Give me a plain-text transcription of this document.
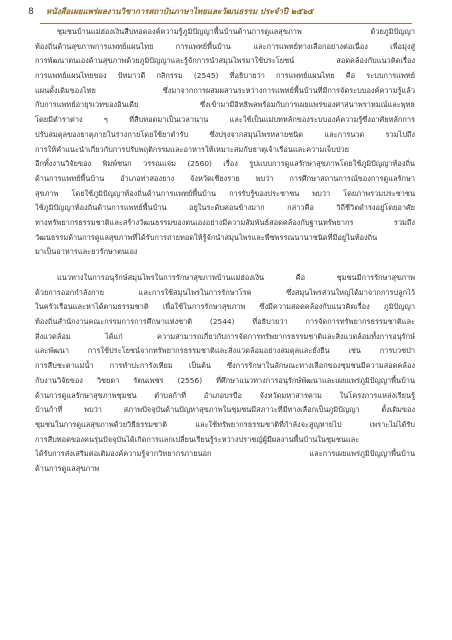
8	หนังสือเผยแพร่ผลงานวิชาการสถาบันภาษาไทยและวัฒนธรรม ประจำปี ๒๕๖๕
ชุมชนบ้านแม่ฮ่องเงินสืบทอดองค์ความรู้ภูมิปัญญาพื้นบ้านด้านการดูแลสุขภาพ ด้วยภูมิปัญญา
ท้องถิ่นด้านสุขภาพการแพทย์แผนไทย การแพทย์พื้นบ้าน และการแพทย์ทางเลือกอย่างต่อเนื่อง เพื่อมุ่งสู่
การพัฒนาตนเองด้านสุขภาพด้วยภูมิปัญญาและรู้จักการนำสมุนไพรมาใช้ประโยชน์ สอดคล้องกับแนวคิดเรื่อง
การแพทย์แผนไทยของ ปัทมาวดี กสิกรรม (2545) ที่อธิบายว่า การแพทย์แผนไทย คือ ระบบการแพทย์
แผนดั้งเดิมของไทย ซึ่งมาจากการผสมผสานระหว่างการแพทย์พื้นบ้านที่มีการจัดระบบองค์ความรู้แล้ว
กับการแพทย์อายุรเวทของอินเดีย ซึ่งเข้ามามีอิทธิพลพร้อมกับการเผยแพร่ของศาสนาพราหมณ์และพุทธ
โดยมีตำราต่าง ๆ ที่สืบทอดมาเป็นเวลานาน และใช้เป็นแม่บทหลักของระบบองค์ความรู้ซึ่งอาศัยหลักการ
ปรับสมดุลของธาตุภายในร่างกายโดยใช้ยาตำรับ ซึ่งปรุงจากสมุนไพรหลายชนิด และการนวด รวมไปถึง
การให้คำแนะนำเกี่ยวกับการปรับพฤติกรรมและอาหารให้เหมาะสมกับธาตุเจ้าเรือนและความเจ็บป่วย
อีกทั้งงานวิจัยของ พิมพ์ชนก วรรณแจ่ม (2560) เรื่อง รูปแบบการดูแลรักษาสุขภาพโดยใช้ภูมิปัญญาท้องถิ่น
ด้านการแพทย์พื้นบ้าน อำเภอท่าสองยาง จังหวัดเชียงราย พบว่า การศึกษาสถานการณ์ของการดูแลรักษา
สุขภาพ โดยใช้ภูมิปัญญาท้องถิ่นด้านการแพทย์พื้นบ้าน การรับรู้ของประชาชน พบว่า โดยภาพรวมประชาชน
ใช้ภูมิปัญญาท้องถิ่นด้านการแพทย์พื้นบ้าน อยู่ในระดับค่อนข้างมาก กล่าวคือ วิถีชีวิตดำรงอยู่โดยอาศัย
ทางทรัพยากรธรรมชาติและสร้างวัฒนธรรมของตนเองอย่างมีความสัมพันธ์สอดคล้องกับฐานทรัพยากร รวมถึง
วัฒนธรรมด้านการดูแลสุขภาพที่ได้รับการถ่ายทอดให้รู้จักนำสมุนไพรและพืชพรรณนานาชนิดที่มีอยู่ในท้องถิ่น
มาเป็นอาหารและยารักษาตนเอง
แนวทางในการอนุรักษ์สมุนไพรในการรักษาสุขภาพบ้านแม่ฮ่องเงิน คือ ชุมชนมีการรักษาสุขภาพ
ด้วยการออกกำลังกาย และการใช้สมุนไพรในการรักษาโรค ซึ่งสมุนไพรส่วนใหญ่ได้มาจากการปลูกไว้
ในครัวเรือนและหาได้ตามธรรมชาติ เพื่อใช้ในการรักษาสุขภาพ ซึ่งมีความสอดคล้องกับแนวคิดเรื่อง ภูมิปัญญา
ท้องถิ่นสำนักงานคณะกรรมการการศึกษาแห่งชาติ (2544) ที่อธิบายว่า การจัดการทรัพยากรธรรมชาติและ
สิ่งแวดล้อม ได้แก่ ความสามารถเกี่ยวกับการจัดการทรัพยากรธรรมชาติและสิ่งแวดล้อมทั้งการอนุรักษ์
และพัฒนา การใช้ประโยชน์จากทรัพยากรธรรมชาติและสิ่งแวดล้อมอย่างสมดุลและยั่งยืน เช่น การบวชป่า
การสืบชะตาแม่น้ำ การทำปะการังเทียม เป็นต้น ซึ่งการรักษาในลักษณะทางเลือกของชุมชนมีความสอดคล้อง
กับงานวิจัยของ วิชยดา รัตนเพชร (2556) ที่ศึกษาแนวทางการอนุรักษ์พัฒนาและเผยแพร่ภูมิปัญญาพื้นบ้าน
ด้านการดูแลรักษาสุขภาพชุมชน ตำบลก้าที่ อำเภอบรบือ จังหวัดมหาสารคาม ในโครงการแหล่งเรียนรู้
บ้านก้าที่ พบว่า สภาพปัจจุบันด้านปัญหาสุขภาพในชุมชนมีสภาวะที่มีทางเลือกเป็นภูมิปัญญา ตั้งเดิมของ
ชุมชนในการดูแลสุขภาพด้วยวิธีธรรมชาติ และใช้ทรัพยากรธรรมชาติที่กำลังจะสูญหายไป เพราะไม่ได้รับ
การสืบทอดของคนรุ่นปัจจุบันได้เกิดการแลกเปลี่ยนเรียนรู้ระหว่างปราชญ์ผู้มีผลงานพื้นบ้านในชุมชนและ
ได้รับการส่งเสริมต่อเติมองค์ความรู้จากวิทยากรภายนอก และการเผยแพร่ภูมิปัญญาพื้นบ้าน
ด้านการดูแลสุขภาพ
